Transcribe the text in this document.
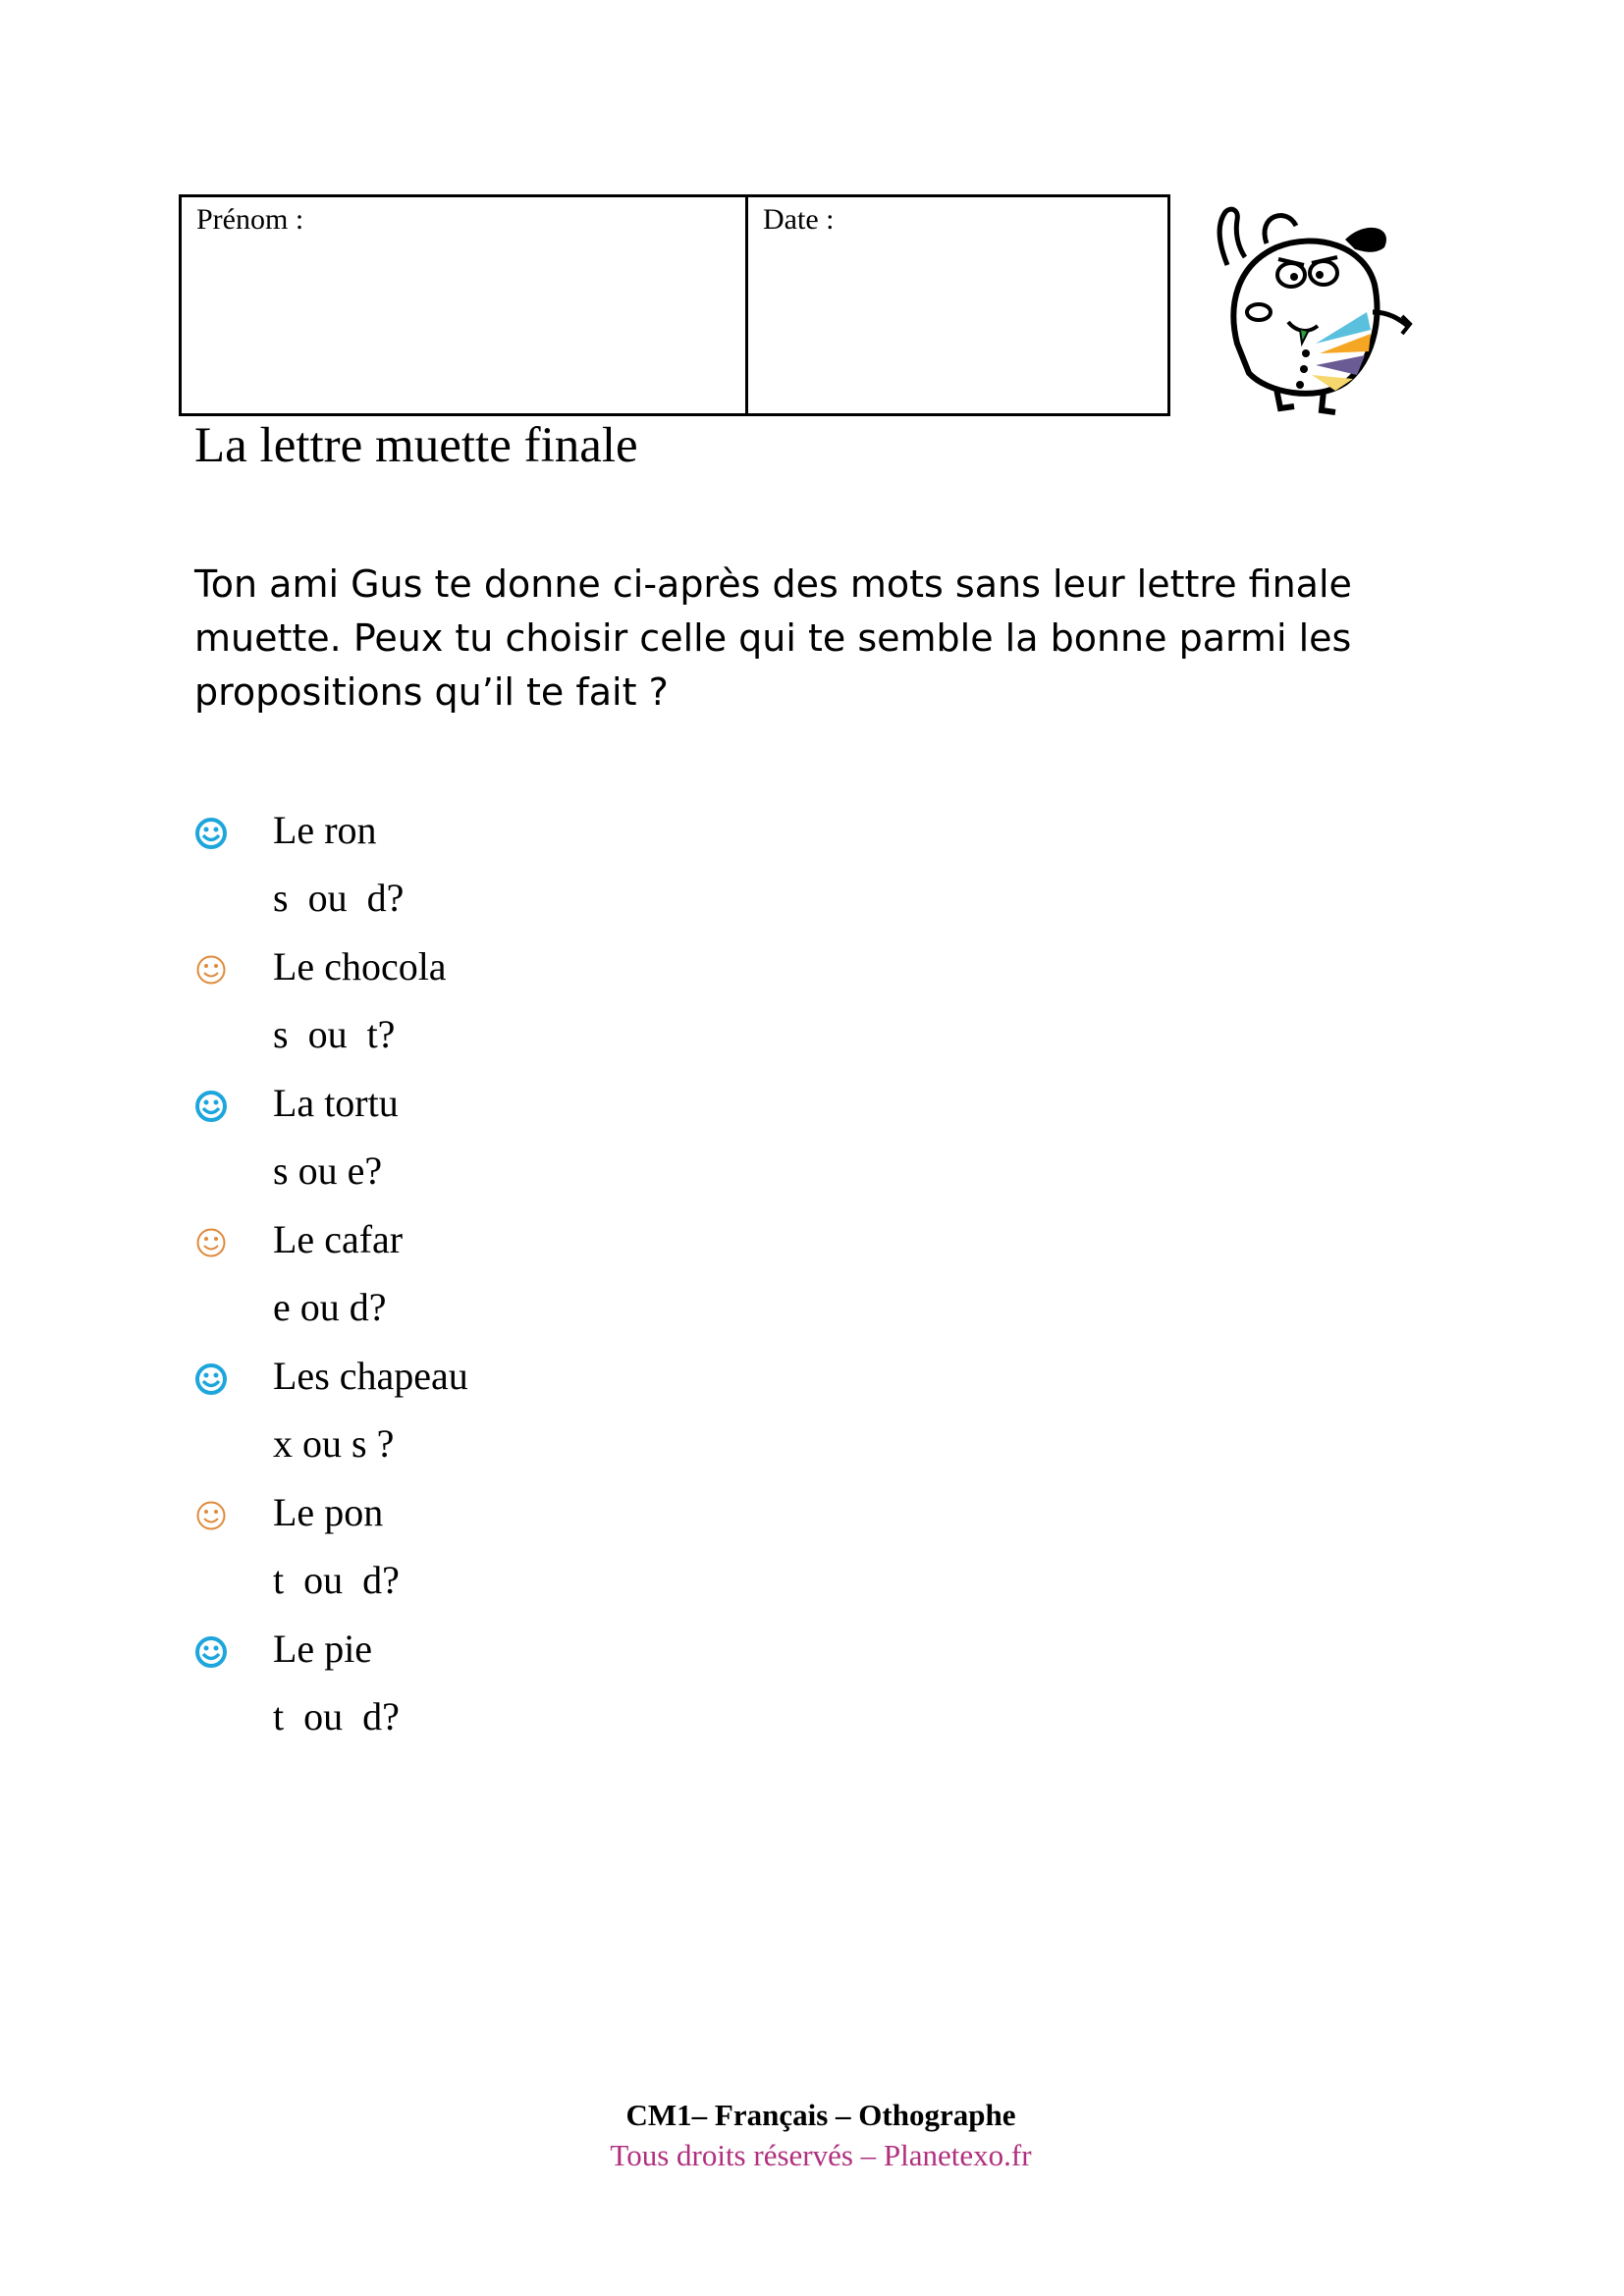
Prénom :	Date :
La lettre muette finale

Ton ami Gus te donne ci-après des mots sans leur lettre finale muette. Peux tu choisir celle qui te semble la bonne parmi les propositions qu’il te fait ?

Le ron
s  ou  d?
Le chocola
s  ou  t?
La tortu
s ou e?
Le cafar
e ou d?
Les chapeau
x ou s ?
Le pon
t  ou  d?
Le pie
t  ou  d?
CM1– Français – Othographe
Tous droits réservés – Planetexo.fr
